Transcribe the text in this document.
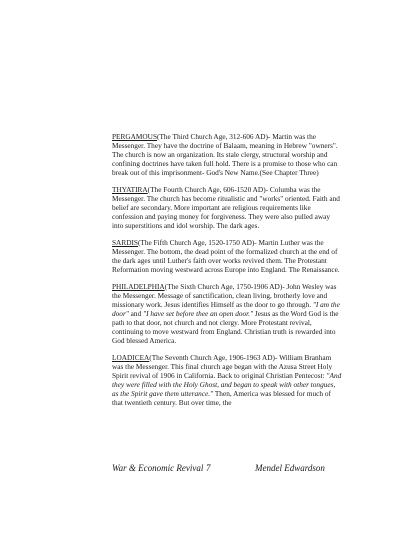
PERGAMOUS(The Third Church Age, 312-606 AD)- Martin was the Messenger. They have the doctrine of Balaam, meaning in Hebrew "owners". The church is now an organization. Its stale clergy, structural worship and confining doctrines have taken full hold. There is a promise to those who can break out of this imprisonment- God's New Name.(See Chapter Three)

THYATIRA(The Fourth Church Age, 606-1520 AD)- Columba was the Messenger. The church has become ritualistic and "works" oriented. Faith and belief are secondary. More important are religious requirements like confession and paying money for forgiveness. They were also pulled away into superstitions and idol worship. The dark ages.

SARDIS(The Fifth Church Age, 1520-1750 AD)- Martin Luther was the Messenger. The bottom, the dead point of the formalized church at the end of the dark ages until Luther's faith over works revived them. The Protestant Reformation moving westward across Europe into England. The Renaissance.

PHILADELPHIA(The Sixth Church Age, 1750-1906 AD)- John Wesley was the Messenger. Message of sanctification, clean living, brotherly love and missionary work. Jesus identifies Himself as the door to go through. "I am the door" and "I have set before thee an open door." Jesus as the Word God is the path to that door, not church and not clergy. More Protestant revival, continuing to move westward from England. Christian truth is rewarded into God blessed America.

LOADICEA(The Seventh Church Age, 1906-1963 AD)- William Branham was the Messenger. This final church age began with the Azusa Street Holy Spirit revival of 1906 in California. Back to original Christian Pentecost: "And they were filled with the Holy Ghost, and began to speak with other tongues, as the Spirit gave them utterance." Then, America was blessed for much of that twentieth century. But over time, the

War & Economic Revival 7	Mendel Edwardson
